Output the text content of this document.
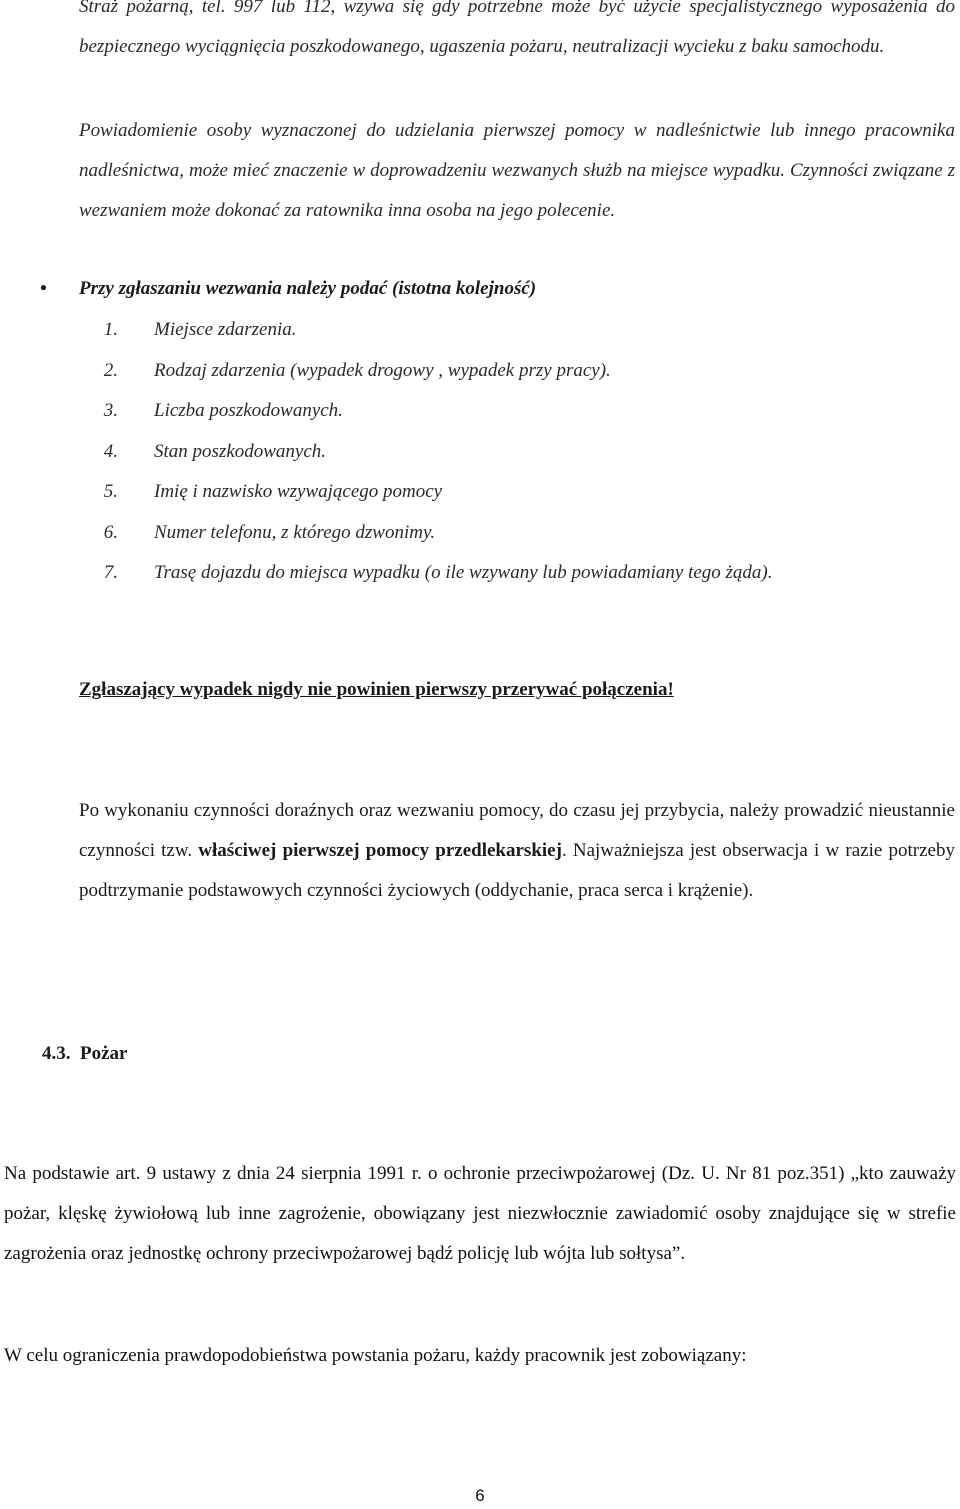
Straż pożarną, tel. 997 lub 112, wzywa się gdy potrzebne może być użycie specjalistycznego wyposażenia do bezpiecznego wyciągnięcia poszkodowanego, ugaszenia pożaru, neutralizacji wycieku z baku samochodu.

Powiadomienie osoby wyznaczonej do udzielania pierwszej pomocy w nadleśnictwie lub innego pracownika nadleśnictwa, może mieć znaczenie w doprowadzeniu wezwanych służb na miejsce wypadku. Czynności związane z wezwaniem może dokonać za ratownika inna osoba na jego polecenie.

•	Przy zgłaszaniu wezwania należy podać (istotna kolejność)
1. Miejsce zdarzenia.
2. Rodzaj zdarzenia (wypadek drogowy , wypadek przy pracy).
3. Liczba poszkodowanych.
4. Stan poszkodowanych.
5. Imię i nazwisko wzywającego pomocy
6. Numer telefonu, z którego dzwonimy.
7. Trasę dojazdu do miejsca wypadku (o ile wzywany lub powiadamiany tego żąda).

Zgłaszający wypadek nigdy nie powinien pierwszy przerywać połączenia!

Po wykonaniu czynności doraźnych oraz wezwaniu pomocy, do czasu jej przybycia, należy prowadzić nieustannie czynności tzw. właściwej pierwszej pomocy przedlekarskiej. Najważniejsza jest obserwacja i w razie potrzeby podtrzymanie podstawowych czynności życiowych (oddychanie, praca serca i krążenie).

4.3. Pożar

Na podstawie art. 9 ustawy z dnia 24 sierpnia 1991 r. o ochronie przeciwpożarowej (Dz. U. Nr 81 poz.351) „kto zauważy pożar, klęskę żywiołową lub inne zagrożenie, obowiązany jest niezwłocznie zawiadomić osoby znajdujące się w strefie zagrożenia oraz jednostkę ochrony przeciwpożarowej bądź policję lub wójta lub sołtysa”.

W celu ograniczenia prawdopodobieństwa powstania pożaru, każdy pracownik jest zobowiązany:

6
